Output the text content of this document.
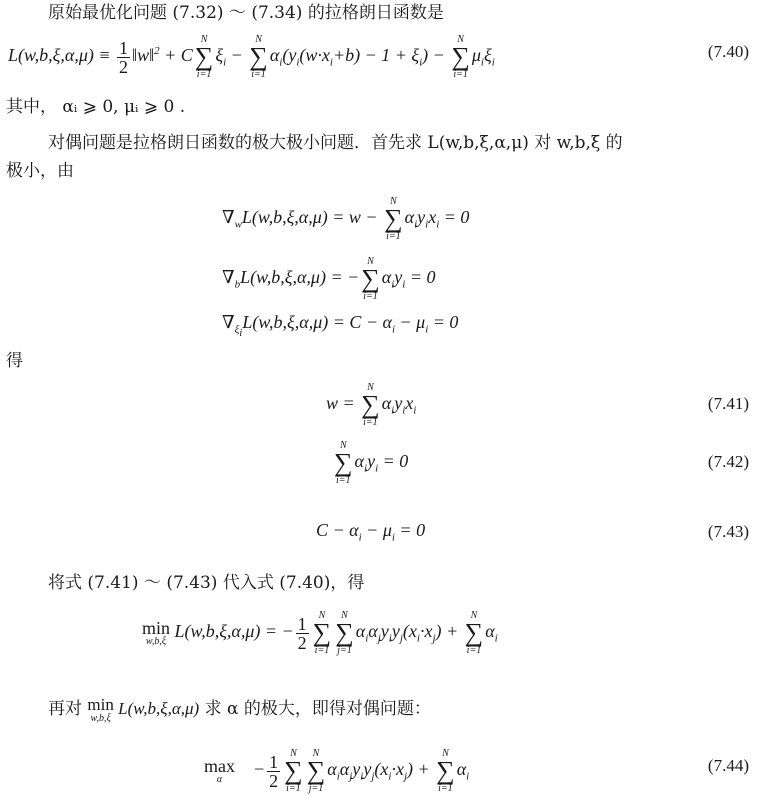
原始最优化问题 (7.32) ～ (7.34) 的拉格朗日函数是
$L(w,b,\xi,\alpha,\mu) \equiv \frac{1}{2}$ ‖w‖$^2$ + C
N
∑
i=1
$\xi_i$ −
N
∑
i=1
$\alpha_i(y_i(w\cdot x_i+b) - 1 + \xi_i)$ −
N
∑
i=1
$\mu_i\xi_i$
(7.40)
其中， αᵢ ⩾ 0, μᵢ ⩾ 0 .
对偶问题是拉格朗日函数的极大极小问题．首先求 L(w,b,ξ,α,μ) 对 w,b,ξ 的
极小，由
$\nabla_wL(w,b,\xi,\alpha,\mu) = w$ −
N
∑
i=1
$\alpha_iy_ix_i = 0$
$\nabla_bL(w,b,\xi,\alpha,\mu)$ = −
N
∑
i=1
$\alpha_iy_i = 0$
$\nabla_{\xi_i}L(w,b,\xi,\alpha,\mu) = C - \alpha_i - \mu_i = 0$
得
w =
N
∑
i=1
$\alpha_iy_ix_i$	(7.41)
N
∑
i=1
$\alpha_iy_i = 0$	(7.42)
$C - \alpha_i - \mu_i = 0$	(7.43)
将式 (7.41) ～ (7.43) 代入式 (7.40)，得
min
w,b,ξ
L(w,b,ξ,α,μ) = − $\frac{1}{2}$ N
∑
i=1
N
∑
j=1
$\alpha_i\alpha_jy_iy_j(x_i\cdot x_j)$ +
N
∑
i=1
$\alpha_i$
再对 min
w,b,ξ
L(w,b,ξ,α,μ) 求 α 的极大，即得对偶问题：
max
α
− $\frac{1}{2}$ N
∑
i=1
N
∑
j=1
$\alpha_i\alpha_jy_iy_j(x_i\cdot x_j)$ +
N
∑
i=1
$\alpha_i$
(7.44)
